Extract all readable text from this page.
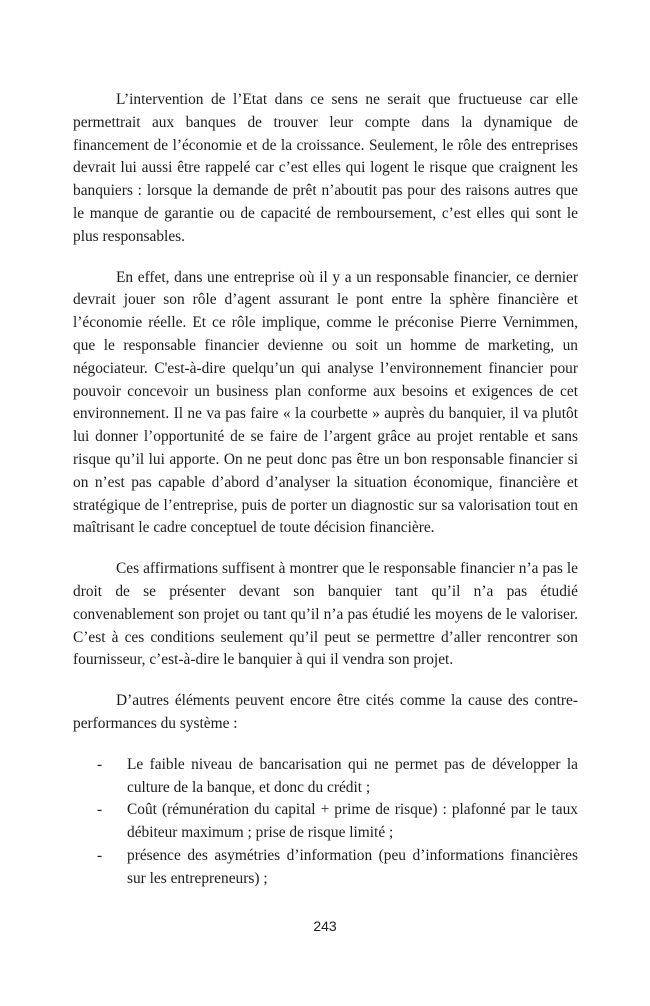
L’intervention de l’Etat dans ce sens ne serait que fructueuse car elle permettrait aux banques de trouver leur compte dans la dynamique de financement de l’économie et de la croissance. Seulement, le rôle des entreprises devrait lui aussi être rappelé car c’est elles qui logent le risque que craignent les banquiers : lorsque la demande de prêt n’aboutit pas pour des raisons autres que le manque de garantie ou de capacité de remboursement, c’est elles qui sont le plus responsables.

En effet, dans une entreprise où il y a un responsable financier, ce dernier devrait jouer son rôle d’agent assurant le pont entre la sphère financière et l’économie réelle. Et ce rôle implique, comme le préconise Pierre Vernimmen, que le responsable financier devienne ou soit un homme de marketing, un négociateur. C'est-à-dire quelqu’un qui analyse l’environnement financier pour pouvoir concevoir un business plan conforme aux besoins et exigences de cet environnement. Il ne va pas faire « la courbette » auprès du banquier, il va plutôt lui donner l’opportunité de se faire de l’argent grâce au projet rentable et sans risque qu’il lui apporte. On ne peut donc pas être un bon responsable financier si on n’est pas capable d’abord d’analyser la situation économique, financière et stratégique de l’entreprise, puis de porter un diagnostic sur sa valorisation tout en maîtrisant le cadre conceptuel de toute décision financière.

Ces affirmations suffisent à montrer que le responsable financier n’a pas le droit de se présenter devant son banquier tant qu’il n’a pas étudié convenablement son projet ou tant qu’il n’a pas étudié les moyens de le valoriser. C’est à ces conditions seulement qu’il peut se permettre d’aller rencontrer son fournisseur, c’est-à-dire le banquier à qui il vendra son projet.

D’autres éléments peuvent encore être cités comme la cause des contre-performances du système :

- Le faible niveau de bancarisation qui ne permet pas de développer la culture de la banque, et donc du crédit ;
- Coût (rémunération du capital + prime de risque) : plafonné par le taux débiteur maximum ; prise de risque limité ;
- présence des asymétries d’information (peu d’informations financières sur les entrepreneurs) ;
243
